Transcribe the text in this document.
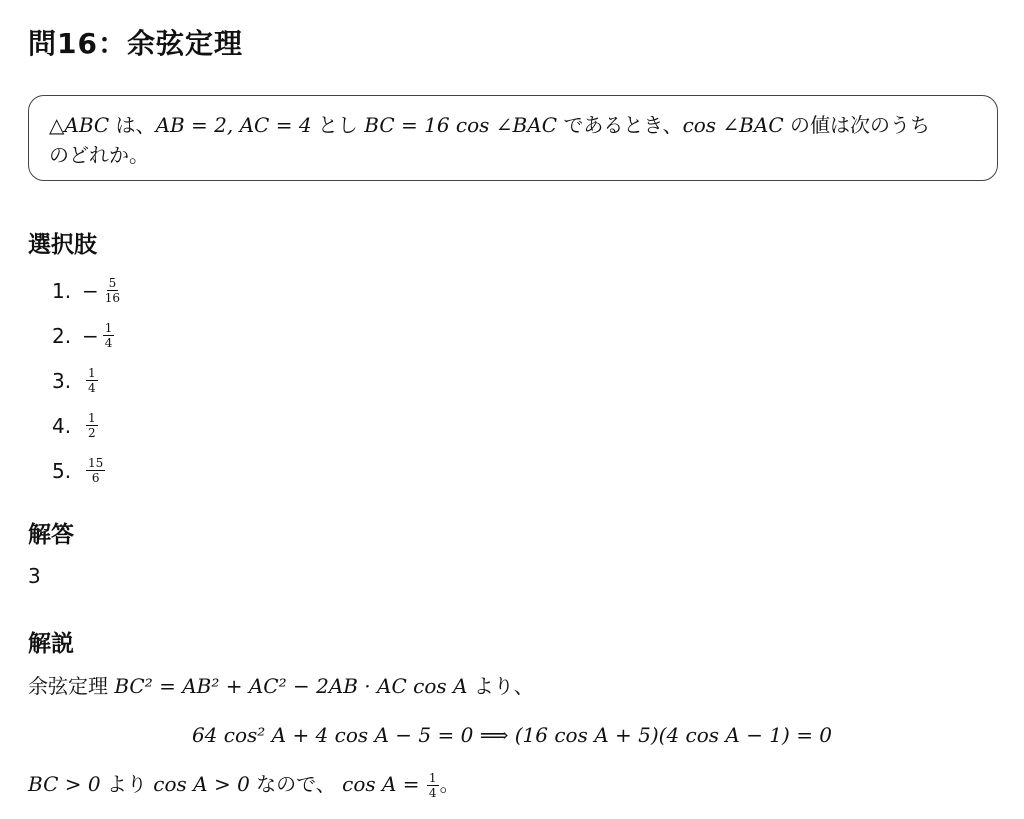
問16：余弦定理
△ABC は、AB = 2, AC = 4 とし BC = 16 cos ∠BAC であるとき、cos ∠BAC の値は次のうち
のどれか。
選択肢
1. − $\frac{5}{16}$
2. − $\frac{1}{4}$
3.	$\frac{1}{4}$
4.	$\frac{1}{2}$
5.	$\frac{15}{6}$
解答
3
解説
余弦定理 BC² = AB² + AC² − 2AB · AC cos A より、
64 cos² A + 4 cos A − 5 = 0 ⟹ (16 cos A + 5)(4 cos A − 1) = 0
BC > 0 より cos A > 0 なので、 $\cos A = \frac{1}{4}$ 。
